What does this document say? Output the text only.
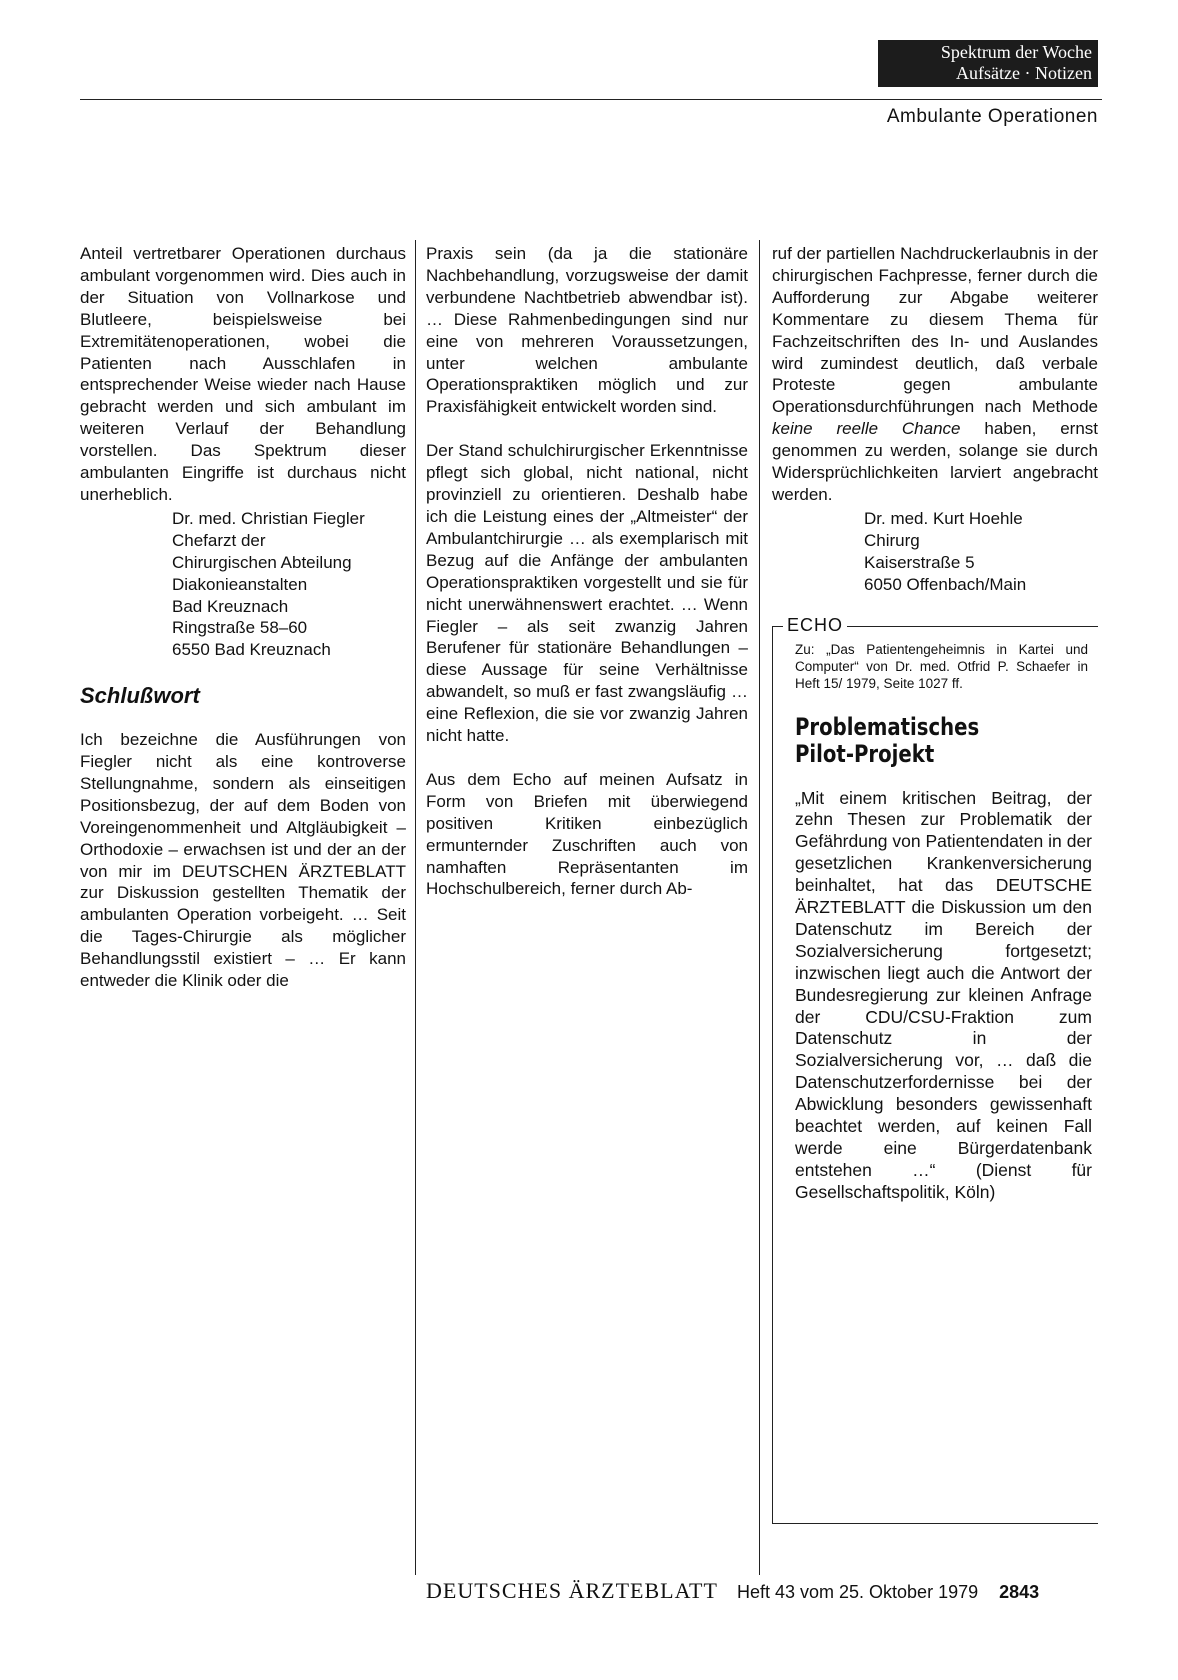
Spektrum der Woche
Aufsätze · Notizen
Ambulante Operationen

Anteil vertretbarer Operationen durchaus ambulant vorgenommen wird. Dies auch in der Situation von Vollnarkose und Blutleere, beispielsweise bei Extremitätenoperationen, wobei die Patienten nach Ausschlafen in entsprechender Weise wieder nach Hause gebracht werden und sich ambulant im weiteren Verlauf der Behandlung vorstellen. Das Spektrum dieser ambulanten Eingriffe ist durchaus nicht unerheblich.

Dr. med. Christian Fiegler
Chefarzt der
Chirurgischen Abteilung
Diakonieanstalten
Bad Kreuznach
Ringstraße 58–60
6550 Bad Kreuznach
Schlußwort

Ich bezeichne die Ausführungen von Fiegler nicht als eine kontroverse Stellungnahme, sondern als einseitigen Positionsbezug, der auf dem Boden von Voreingenommenheit und Altgläubigkeit – Orthodoxie – erwachsen ist und der an der von mir im DEUTSCHEN ÄRZTEBLATT zur Diskussion gestellten Thematik der ambulanten Operation vorbeigeht. … Seit die Tages-Chirurgie als möglicher Behandlungsstil existiert – … Er kann entweder die Klinik oder die

Praxis sein (da ja die stationäre Nachbehandlung, vorzugsweise der damit verbundene Nachtbetrieb abwendbar ist). … Diese Rahmenbedingungen sind nur eine von mehreren Voraussetzungen, unter welchen ambulante Operationspraktiken möglich und zur Praxisfähigkeit entwickelt worden sind.

Der Stand schulchirurgischer Erkenntnisse pflegt sich global, nicht national, nicht provinziell zu orientieren. Deshalb habe ich die Leistung eines der „Altmeister“ der Ambulantchirurgie … als exemplarisch mit Bezug auf die Anfänge der ambulanten Operationspraktiken vorgestellt und sie für nicht unerwähnenswert erachtet. … Wenn Fiegler – als seit zwanzig Jahren Berufener für stationäre Behandlungen – diese Aussage für seine Verhältnisse abwandelt, so muß er fast zwangsläufig … eine Reflexion, die sie vor zwanzig Jahren nicht hatte.

Aus dem Echo auf meinen Aufsatz in Form von Briefen mit überwiegend positiven Kritiken einbezüglich ermunternder Zuschriften auch von namhaften Repräsentanten im Hochschulbereich, ferner durch Ab-

ruf der partiellen Nachdruckerlaubnis in der chirurgischen Fachpresse, ferner durch die Aufforderung zur Abgabe weiterer Kommentare zu diesem Thema für Fachzeitschriften des In- und Auslandes wird zumindest deutlich, daß verbale Proteste gegen ambulante Operationsdurchführungen nach Methode keine reelle Chance haben, ernst genommen zu werden, solange sie durch Widersprüchlichkeiten larviert angebracht werden.

Dr. med. Kurt Hoehle
Chirurg
Kaiserstraße 5
6050 Offenbach/Main
ECHO
Zu: „Das Patientengeheimnis in Kartei und Computer“ von Dr. med. Otfrid P. Schaefer in Heft 15/ 1979, Seite 1027 ff.
Problematisches
Pilot-Projekt
„Mit einem kritischen Beitrag, der zehn Thesen zur Problematik der Gefährdung von Patientendaten in der gesetzlichen Krankenversicherung beinhaltet, hat das DEUTSCHE ÄRZTEBLATT die Diskussion um den Datenschutz im Bereich der Sozialversicherung fortgesetzt; inzwischen liegt auch die Antwort der Bundesregierung zur kleinen Anfrage der CDU/CSU-Fraktion zum Datenschutz in der Sozialversicherung vor, … daß die Datenschutzerfordernisse bei der Abwicklung besonders gewissenhaft beachtet werden, auf keinen Fall werde eine Bürgerdatenbank entstehen …“ (Dienst für Gesellschaftspolitik, Köln)
DEUTSCHES ÄRZTEBLATT Heft 43 vom 25. Oktober 1979 2843
